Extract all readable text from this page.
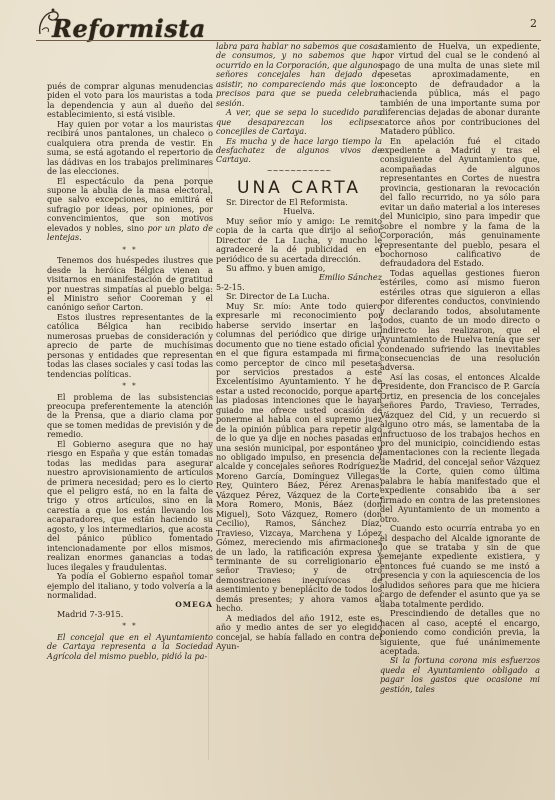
Reformista	2

pués de comprar algunas menudencias piden el voto para los mauristas a toda la dependencia y aun al dueño del establecimiento, si está visible.

Hay quien por votar a los mauristas recibirá unos pantalones, un chaleco o cualquiera otra prenda de vestir. En suma, se está agotando el repertorio de las dádivas en los trabajos preliminares de las elecciones.

El espectáculo da pena porque supone la abulia de la masa electoral, que salvo excepciones, no emitirá el sufragio por ideas, por opiniones, por convencimientos, que son motivos elevados y nobles, sino por un plato de lentejas.

* *

Tenemos dos huéspedes ilustres que desde la heróica Bélgica vienen a visitarnos en manifestación de gratitud por nuestras simpatías al pueblo belga: el Ministro señor Cooreman y el canónigo señor Carton.

Estos ilustres representantes de la católica Bélgica han recibido numerosas pruebas de consideración y aprecio de parte de muchísimas personas y entidades que representan todas las clases sociales y casi todas las tendencias políticas.

* *

El problema de las subsistencias preocupa preferentemente la atención de la Prensa, que a diario clama por que se tomen medidas de previsión y de remedio.

El Gobierno asegura que no hay riesgo en España y que están tomadas todas las medidas para asegurar nuestro aprovisionamiento de artículos de primera necesidad; pero es lo cierto que el peligro está, no en la falta de trigo y otros artículos, sino en la carestía a que los están llevando los acaparadores, que están haciendo su agosto, y los intermediarios, que acosta del pánico público fomentado intencionadamente por ellos mismos, realizan enormes ganancias a todas luces ilegales y fraudulentas.

Ya podía el Gobierno español tomar ejemplo del italiano, y todo volvería a la normalidad.

OMEGA

Madrid 7-3-915.

* *

El concejal que en el Ayuntamiento de Cartaya representa a la Sociedad Agrícola del mismo pueblo, pidió la pa-

labra para hablar no sabemos que cosas de consumos, y no sabemos que ha ocurrido en la Corporación, que algunos señores concejales han dejado de asistir, no compareciendo más que los precisos para que se pueda celebrar sesión.

A ver, que se sepa lo sucedido para que desaparezcan los eclipses concejiles de Cartaya.

Es mucha y de hace largo tiempo la desfachatez de algunos vivos de Cartaya.

~~~~~~~~~~~
UNA CARTA

Sr. Director de El Reformista.

Huelva.

Muy señor mío y amigo: Le remito copia de la carta que dirijo al señor Director de La Lucha, y mucho le agradeceré la dé publicidad en el periódico de su acertada dirección.

Su affmo. y buen amigo,

Emilio Sánchez

5-2-15.

Sr. Director de La Lucha.

Muy Sr. mío: Ante todo quiero expresarle mi reconocimiento por haberse servido insertar en las columnas del periódico que dirige un documento que no tiene estado oficial y en el que figura estampada mi firma, como perceptor de cinco mil pesetas por servicios prestados a este Excelentísimo Ayuntamiento. Y he de estar a usted reconocido, porque aparte las piadosas intenciones que le hayan guiado me ofrece usted ocasión de ponerme al habla con el supremo juez de la opinión pública para repetir algo de lo que ya dije en noches pasadas en una sesión municipal, por espontáneo y no obligado impulso, en presencia del alcalde y concejales señores Rodríguez, Moreno García, Domínguez Villegas, Rey, Quintero Báez, Pérez Arenas, Vázquez Pérez, Vázquez de la Corte, Mora Romero, Monis, Báez (don Miguel), Soto Vázquez, Romero (don Cecilio), Ramos, Sánchez Díaz, Travieso, Vizcaya, Marchena y López Gómez, mereciendo mis afirmaciones de un lado, la ratificación expresa y terminante de su correligionario el señor Travieso; y de otro demostraciones inequívocas de asentimiento y beneplácito de todos los demás presentes; y ahora vamos al hecho.

A mediados del año 1912, este es, año y medio antes de ser yo elegido concejal, se había fallado en contra del Ayun-

tamiento de Huelva, un expediente, por virtud del cual se le condenó al pago de una multa de unas siete mil pesetas aproximadamente, en concepto de defraudador a la hacienda pública, más el pago también de una importante suma por diferencias dejadas de abonar durante catorce años por contribuciones del Matadero público.

En apelación fué el citado expediente a Madrid y tras el consiguiente del Ayuntamiento que, acompañadas de algunos representantes en Cortes de nuestra provincia, gestionaran la revocación del fallo recurrido, no ya sólo para evitar un daño material a los intereses del Municipio, sino para impedir que sobre el nombre y la fama de la Corporación, más genuinamente representante del pueblo, pesara el bochornoso calificativo de defraudadora del Estado.

Todas aquellas gestiones fueron estériles, como así mismo fueron estériles otras que siguieron a ellas por diferentes conductos, conviniendo y declarando todos, absolutamente todos, cuanto de un modo directo o indirecto las realizaron, que el Ayuntamiento de Huelva tenía que ser condenado sufriendo las inevitables consecuencias de una resolución adversa.

Así las cosas, el entonces Alcalde Presidente, don Francisco de P. García Ortiz, en presencia de los concejales señores Pardo, Travieso, Terrades, Vázquez del Cid, y un recuerdo si alguno otro más, se lamentaba de la infructuoso de los trabajos hechos en pro del municipio, coincidiendo estas lamentaciones con la reciente llegada de Madrid, del concejal señor Vázquez de la Corte, quien como última palabra le había manifestado que el expediente consabido iba a ser firmado en contra de las pretensiones del Ayuntamiento de un momento a otro.

Cuando esto ocurría entraba yo en el despacho del Alcalde ignorante de lo que se trataba y sin de que semejante expediente existiera, y entonces fué cuando se me instó a presencia y con la aquiescencia de los aludidos señores para que me hiciera cargo de defender el asunto que ya se daba totalmente perdido.

Prescindiendo de detalles que no hacen al caso, acepté el encargo, poniendo como condición previa, la siguiente, que fué unánimemente aceptada.

Si la fortuna corona mis esfuerzos queda el Ayuntamiento obligado a pagar los gastos que ocasione mi gestión, tales
